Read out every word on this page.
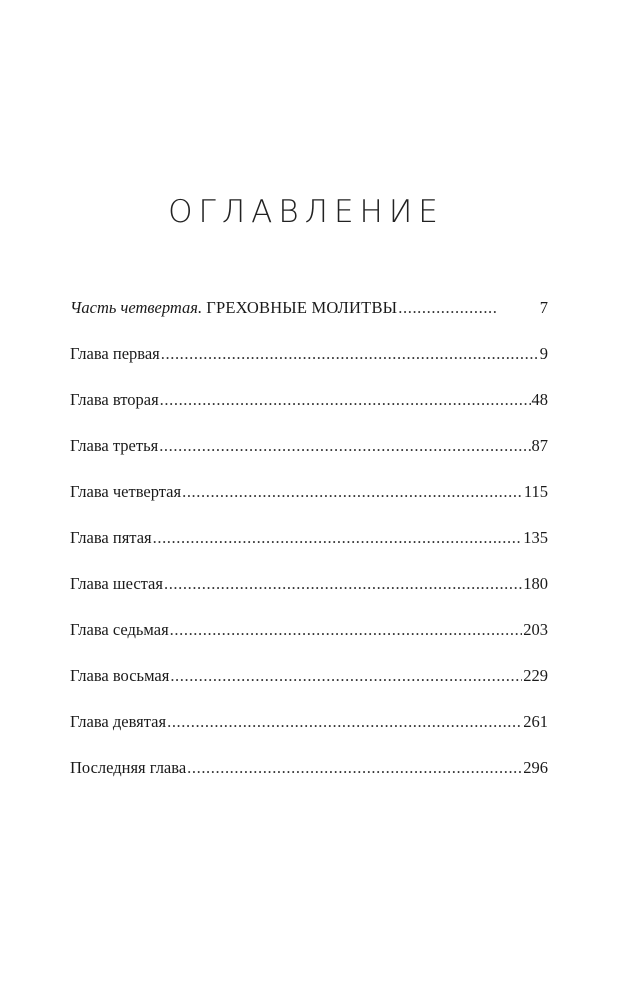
ОГЛАВЛЕНИЕ
Часть четвертая. ГРЕХОВНЫЕ МОЛИТВЫ .....	7
Глава первая .....	9
Глава вторая .....	48
Глава третья .....	87
Глава четвертая .....	115
Глава пятая .....	135
Глава шестая .....	180
Глава седьмая .....	203
Глава восьмая .....	229
Глава девятая .....	261
Последняя глава .....	296
